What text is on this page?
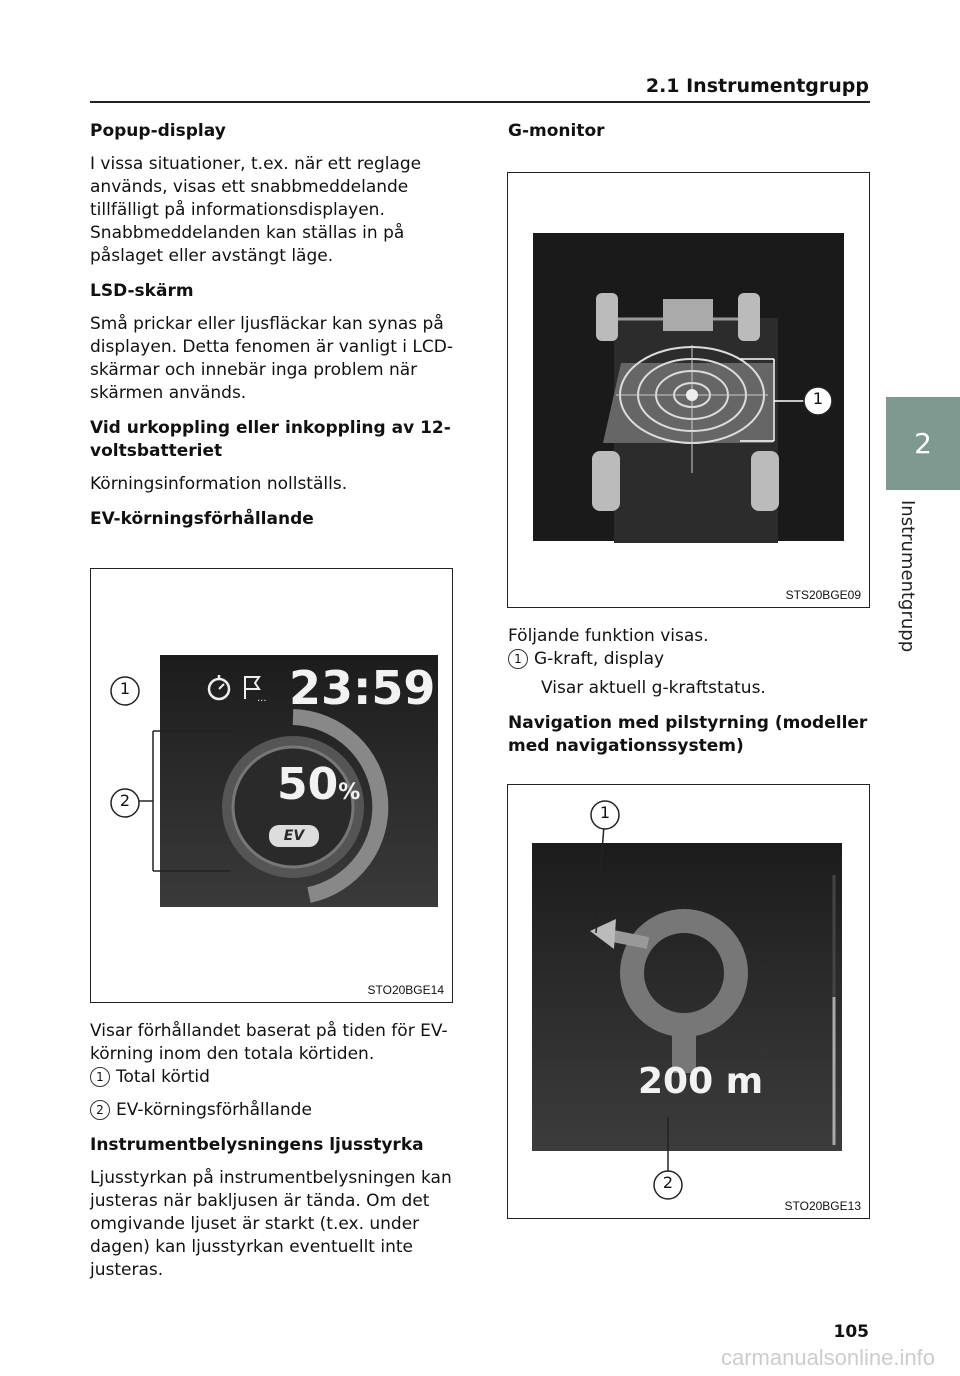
2.1 Instrumentgrupp
2
Instrumentgrupp
Popup-display

I vissa situationer, t.ex. när ett reglage används, visas ett snabbmeddelande tillfälligt på informationsdisplayen. Snabbmeddelanden kan ställas in på påslaget eller avstängt läge.

LSD-skärm

Små prickar eller ljusfläckar kan synas på displayen. Detta fenomen är vanligt i LCD-skärmar och innebär inga problem när skärmen används.

Vid urkoppling eller inkoppling av 12-voltsbatteriet

Körningsinformation nollställs.

EV-körningsförhållande
... 23:59
50%
EV
1
2
STO20BGE14

Visar förhållandet baserat på tiden för EV-körning inom den totala körtiden.

1 Total körtid

2 EV-körningsförhållande

Instrumentbelysningens ljusstyrka

Ljusstyrkan på instrumentbelysningen kan justeras när bakljusen är tända. Om det omgivande ljuset är starkt (t.ex. under dagen) kan ljusstyrkan eventuellt inte justeras.

G-monitor
1
STS20BGE09

Följande funktion visas.

1 G-kraft, display

Visar aktuell g-kraftstatus.

Navigation med pilstyrning (modeller med navigationssystem)
1
2
200 m
STO20BGE13
105
carmanualsonline.info
